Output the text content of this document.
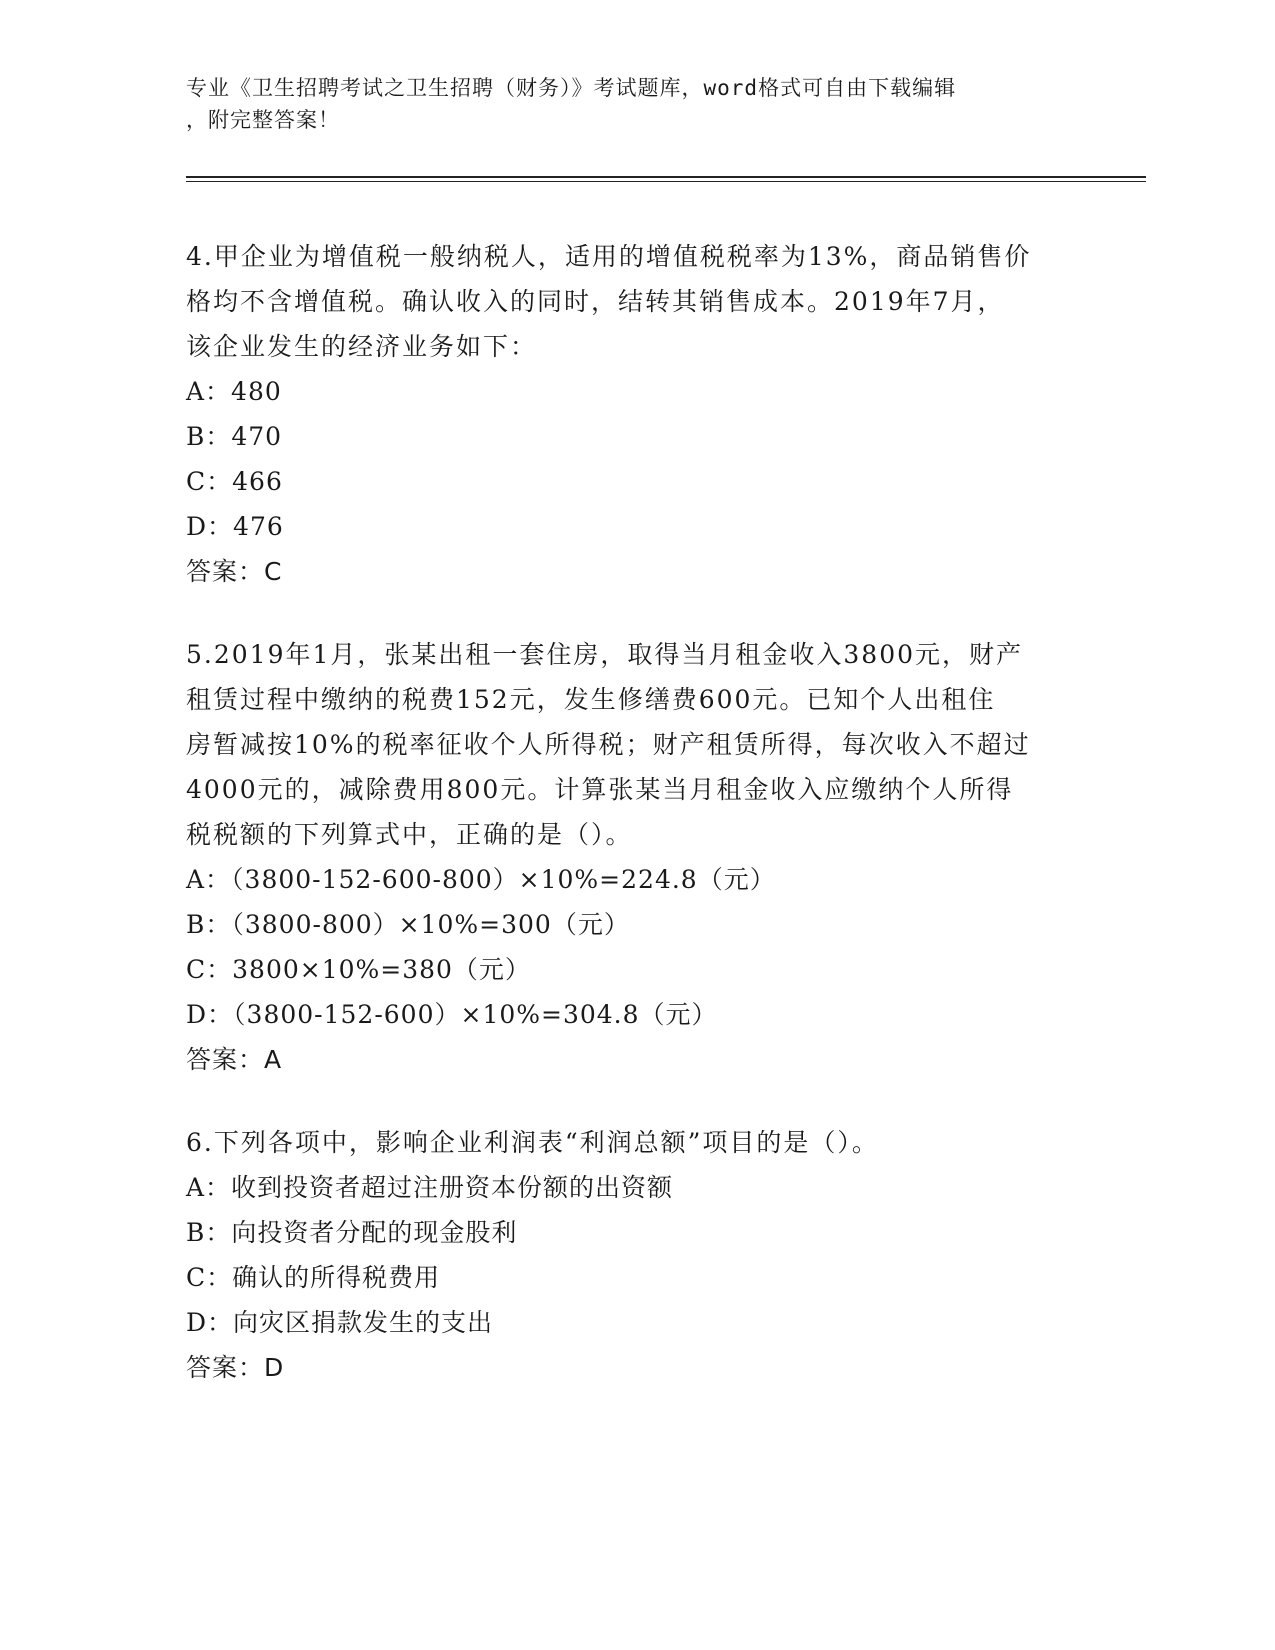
专业《卫生招聘考试之卫生招聘（财务）》考试题库，word格式可自由下载编辑
，附完整答案！

4.甲企业为增值税一般纳税人，适用的增值税税率为13%，商品销售价

格均不含增值税。确认收入的同时，结转其销售成本。2019年7月，

该企业发生的经济业务如下：

A：480

B：470

C：466

D：476

答案：C

5.2019年1月，张某出租一套住房，取得当月租金收入3800元，财产

租赁过程中缴纳的税费152元，发生修缮费600元。已知个人出租住

房暂减按10%的税率征收个人所得税；财产租赁所得，每次收入不超过

4000元的，减除费用800元。计算张某当月租金收入应缴纳个人所得

税税额的下列算式中，正确的是（）。

A：（3800-152-600-800）×10%=224.8（元）

B：（3800-800）×10%=300（元）

C：3800×10%=380（元）

D：（3800-152-600）×10%=304.8（元）

答案：A

6.下列各项中，影响企业利润表“利润总额”项目的是（）。

A：收到投资者超过注册资本份额的出资额

B：向投资者分配的现金股利

C：确认的所得税费用

D：向灾区捐款发生的支出

答案：D
